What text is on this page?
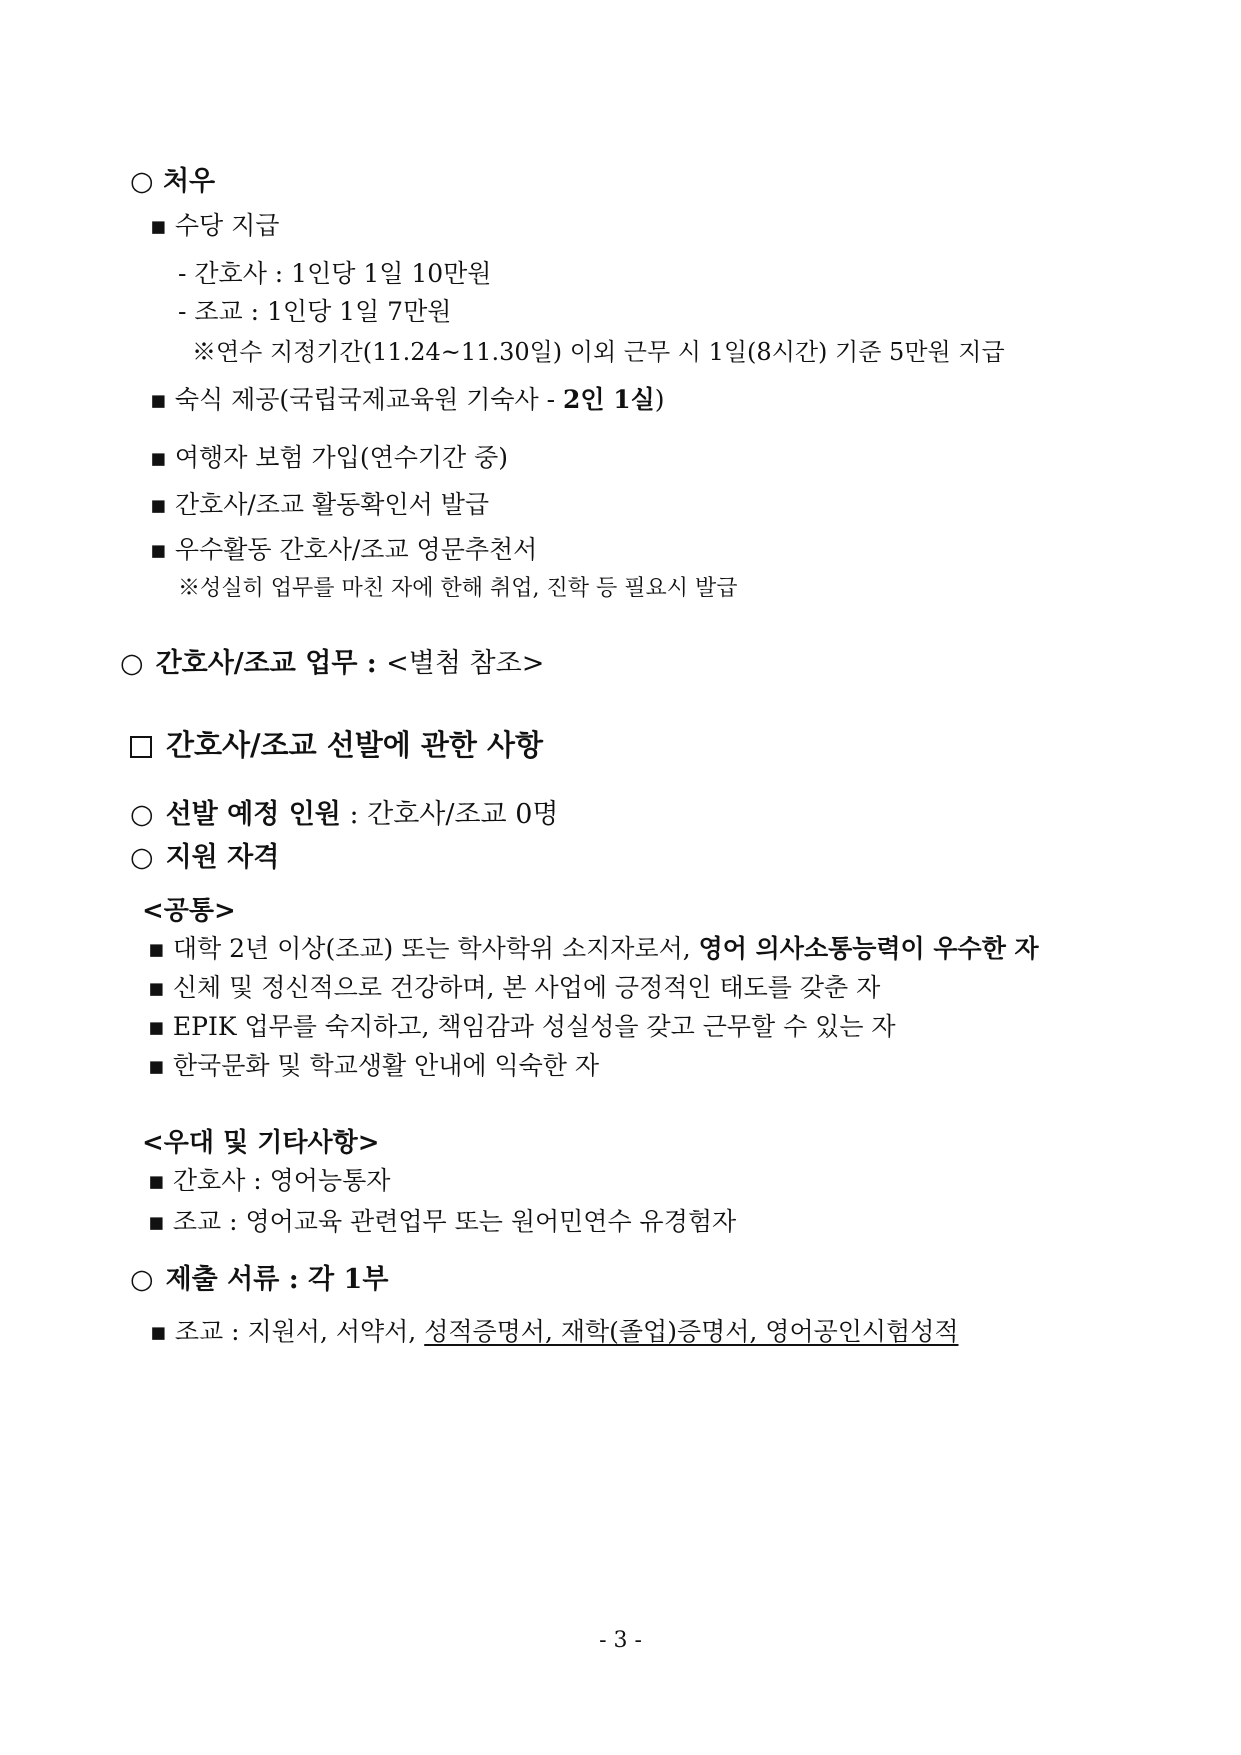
○ 처우
▪ 수당 지급
- 간호사 : 1인당 1일 10만원
- 조교 : 1인당 1일 7만원
※연수 지정기간(11.24~11.30일) 이외 근무 시 1일(8시간) 기준 5만원 지급
▪ 숙식 제공(국립국제교육원 기숙사 - 2인 1실)
▪ 여행자 보험 가입(연수기간 중)
▪ 간호사/조교 활동확인서 발급
▪ 우수활동 간호사/조교 영문추천서
※성실히 업무를 마친 자에 한해 취업, 진학 등 필요시 발급
○ 간호사/조교 업무 : <별첨 참조>
간호사/조교 선발에 관한 사항
○ 선발 예정 인원 : 간호사/조교 0명
○ 지원 자격
<공통>
▪ 대학 2년 이상(조교) 또는 학사학위 소지자로서, 영어 의사소통능력이 우수한 자
▪ 신체 및 정신적으로 건강하며, 본 사업에 긍정적인 태도를 갖춘 자
▪ EPIK 업무를 숙지하고, 책임감과 성실성을 갖고 근무할 수 있는 자
▪ 한국문화 및 학교생활 안내에 익숙한 자
<우대 및 기타사항>
▪ 간호사 : 영어능통자
▪ 조교 : 영어교육 관련업무 또는 원어민연수 유경험자
○ 제출 서류 : 각 1부
▪ 조교 : 지원서, 서약서, 성적증명서, 재학(졸업)증명서, 영어공인시험성적
- 3 -
